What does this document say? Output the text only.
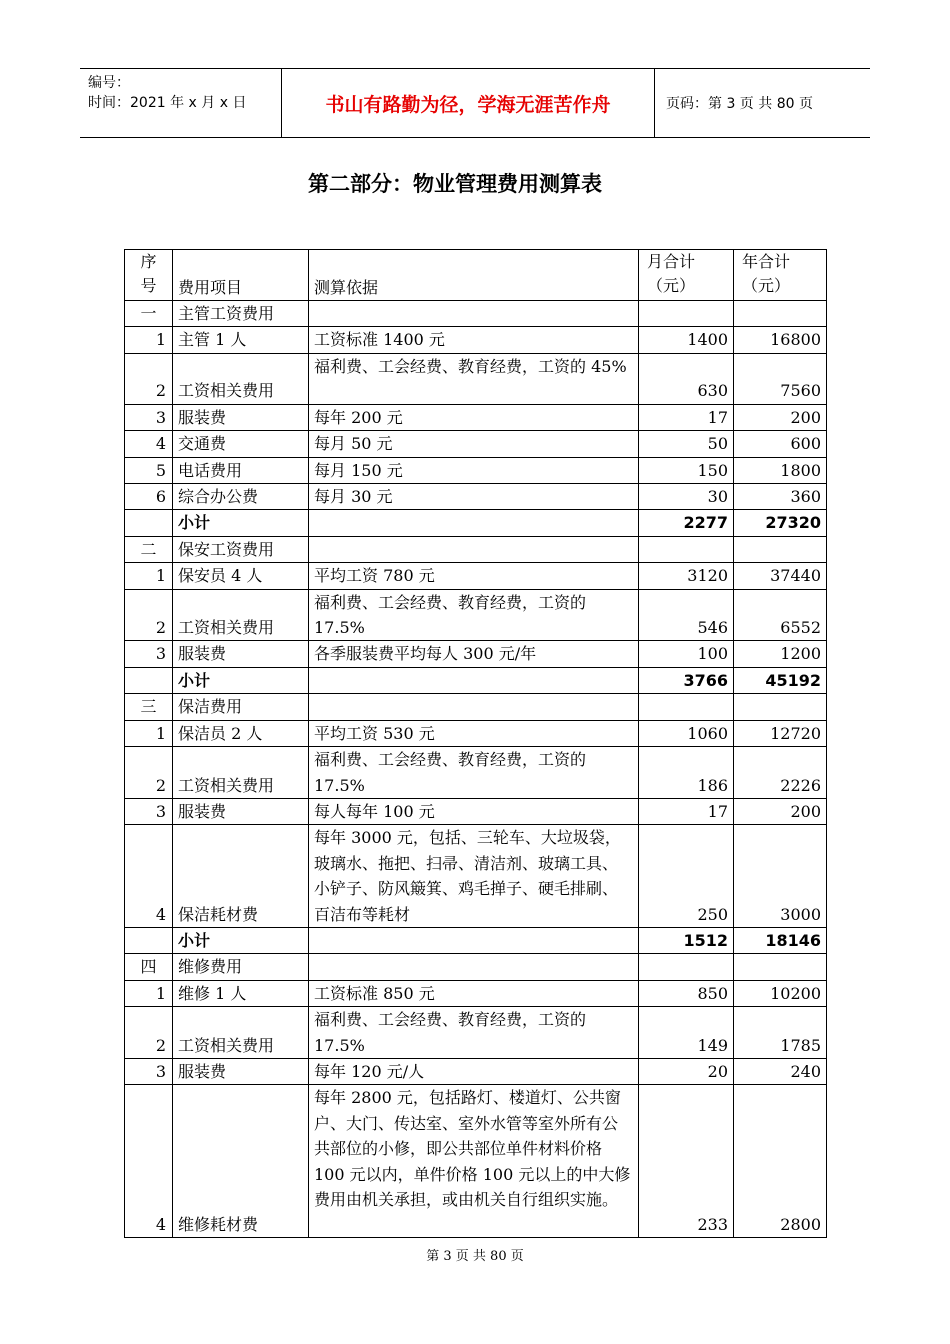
编号：
时间：2021 年 x 月 x 日	书山有路勤为径，学海无涯苦作舟	页码：第 3 页 共 80 页
第二部分：物业管理费用测算表
序号	费用项目	测算依据	月合计（元）	年合计（元）
一	主管工资费用			
1	主管 1 人	工资标准 1400 元	1400	16800
2	工资相关费用	福利费、工会经费、教育经费，工资的 45%	630	7560
3	服装费	每年 200 元	17	200
4	交通费	每月 50 元	50	600
5	电话费用	每月 150 元	150	1800
6	综合办公费	每月 30 元	30	360
	小计		2277	27320
二	保安工资费用			
1	保安员 4 人	平均工资 780 元	3120	37440
2	工资相关费用	福利费、工会经费、教育经费，工资的 17.5%	546	6552
3	服装费	各季服装费平均每人 300 元/年	100	1200
	小计		3766	45192
三	保洁费用			
1	保洁员 2 人	平均工资 530 元	1060	12720
2	工资相关费用	福利费、工会经费、教育经费，工资的 17.5%	186	2226
3	服装费	每人每年 100 元	17	200
4	保洁耗材费	每年 3000 元，包括、三轮车、大垃圾袋，玻璃水、拖把、扫帚、清洁剂、玻璃工具、小铲子、防风簸箕、鸡毛掸子、硬毛排刷、百洁布等耗材	250	3000
	小计		1512	18146
四	维修费用			
1	维修 1 人	工资标准 850 元	850	10200
2	工资相关费用	福利费、工会经费、教育经费，工资的 17.5%	149	1785
3	服装费	每年 120 元/人	20	240
4	维修耗材费	每年 2800 元，包括路灯、楼道灯、公共窗户、大门、传达室、室外水管等室外所有公共部位的小修，即公共部位单件材料价格 100 元以内，单件价格 100 元以上的中大修费用由机关承担，或由机关自行组织实施。	233	2800
第 3 页 共 80 页
